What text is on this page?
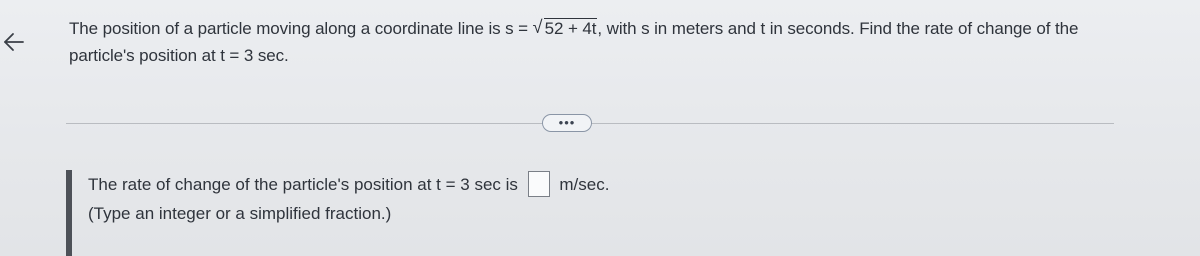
The position of a particle moving along a coordinate line is s = √ 52 + 4t, with s in meters and t in seconds. Find the rate of change of the particle's position at t = 3 sec.
•••
The rate of change of the particle's position at t = 3 sec is m/sec.
(Type an integer or a simplified fraction.)
